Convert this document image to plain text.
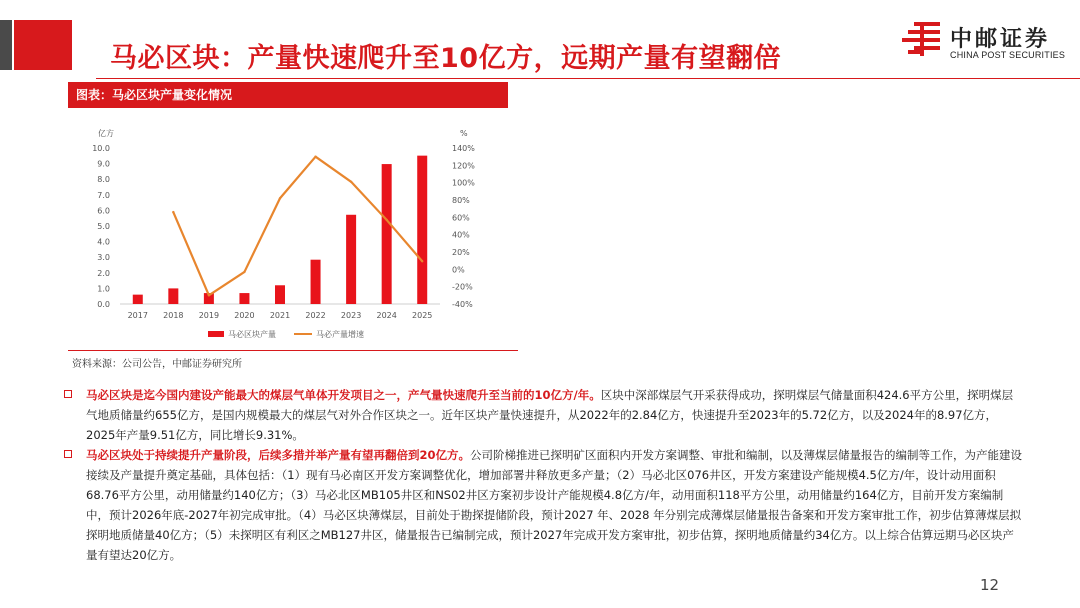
马必区块：产量快速爬升至10亿方，远期产量有望翻倍
中邮证券
CHINA POST SECURITIES
图表：马必区块产量变化情况
亿方	%
0.0
1.0
2.0
3.0
4.0
5.0
6.0
7.0
8.0
9.0
10.0
-40%
-20%
0%
20%
40%
60%
80%
100%
120%
140%
2017 2018 2019 2020 2021 2022 2023 2024 2025
马必区块产量	马必产量增速
资料来源：公司公告，中邮证券研究所
马必区块是迄今国内建设产能最大的煤层气单体开发项目之一，产气量快速爬升至当前的10亿方/年。区块中深部煤层气开采获得成功，探明煤层气储量面积424.6平方公里，探明煤层气地质储量约655亿方，是国内规模最大的煤层气对外合作区块之一。近年区块产量快速提升，从2022年的2.84亿方，快速提升至2023年的5.72亿方，以及2024年的8.97亿方，2025年产量9.51亿方，同比增长9.31%。
马必区块处于持续提升产量阶段，后续多措并举产量有望再翻倍到20亿方。公司阶梯推进已探明矿区面积内开发方案调整、审批和编制，以及薄煤层储量报告的编制等工作，为产能建设接续及产量提升奠定基础，具体包括：（1）现有马必南区开发方案调整优化，增加部署井释放更多产量；（2）马必北区076井区，开发方案建设产能规模4.5亿方/年，设计动用面积68.76平方公里，动用储量约140亿方；（3）马必北区MB105井区和NS02井区方案初步设计产能规模4.8亿方/年，动用面积118平方公里，动用储量约164亿方，目前开发方案编制中，预计2026年底-2027年初完成审批。（4）马必区块薄煤层，目前处于勘探提储阶段，预计2027 年、2028 年分别完成薄煤层储量报告备案和开发方案审批工作，初步估算薄煤层拟探明地质储量40亿方；（5）未探明区有利区之MB127井区，储量报告已编制完成，预计2027年完成开发方案审批，初步估算，探明地质储量约34亿方。以上综合估算远期马必区块产量有望达20亿方。
12
